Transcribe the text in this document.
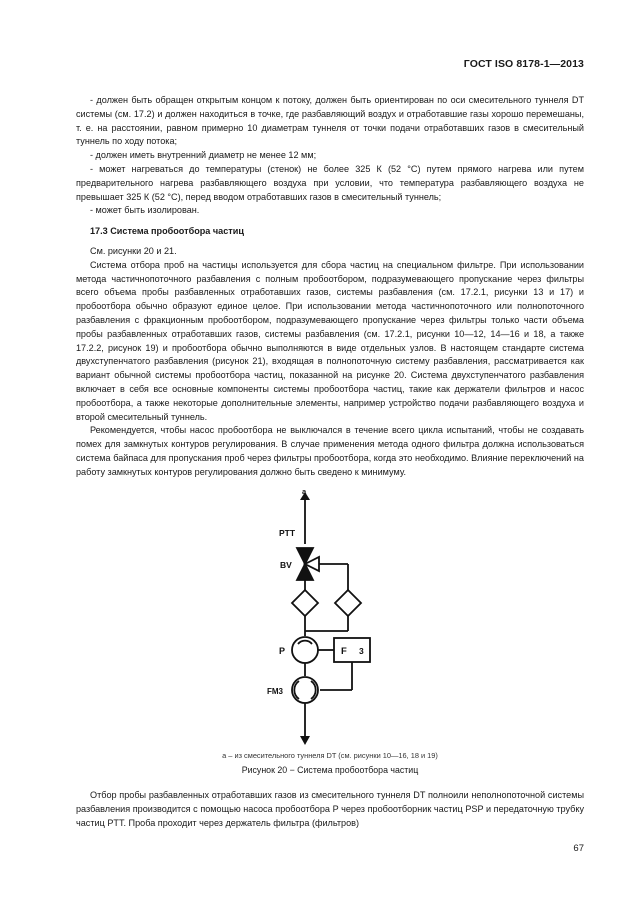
ГОСТ ISO 8178-1—2013

- должен быть обращен открытым концом к потоку, должен быть ориентирован по оси смесительного туннеля DT системы (см. 17.2) и должен находиться в точке, где разбавляющий воздух и отработавшие газы хорошо перемешаны, т. е. на расстоянии, равном примерно 10 диаметрам туннеля от точки подачи отработавших газов в смесительный туннель по ходу потока;

- должен иметь внутренний диаметр не менее 12 мм;

- может нагреваться до температуры (стенок) не более 325 К (52 °С) путем прямого нагрева или путем предварительного нагрева разбавляющего воздуха при условии, что температура разбавляющего воздуха не превышает 325 К (52 °С), перед вводом отработавших газов в смесительный туннель;

- может быть изолирован.

17.3 Система пробоотбора частиц

См. рисунки 20 и 21.

Система отбора проб на частицы используется для сбора частиц на специальном фильтре. При использовании метода частичнопоточного разбавления с полным пробоотбором, подразумевающего пропускание через фильтры всего объема пробы разбавленных отработавших газов, системы разбавления (см. 17.2.1, рисунки 13 и 17) и пробоотбора обычно образуют единое целое. При использовании метода частичнопоточного или полнопоточного разбавления с фракционным пробоотбором, подразумевающего пропускание через фильтры только части объема пробы разбавленных отработавших газов, системы разбавления (см. 17.2.1, рисунки 10—12, 14—16 и 18, а также 17.2.2, рисунок 19) и пробоотбора обычно выполняются в виде отдельных узлов. В настоящем стандарте система двухступенчатого разбавления (рисунок 21), входящая в полнопоточную систему разбавления, рассматривается как вариант обычной системы пробоотбора частиц, показанной на рисунке 20. Система двухступенчатого разбавления включает в себя все основные компоненты системы пробоотбора частиц, такие как держатели фильтров и насос пробоотбора, а также некоторые дополнительные элементы, например устройство подачи разбавляющего воздуха и второй смесительный туннель.

Рекомендуется, чтобы насос пробоотбора не выключался в течение всего цикла испытаний, чтобы не создавать помех для замкнутых контуров регулирования. В случае применения метода одного фильтра должна использоваться система байпаса для пропускания проб через фильтры пробоотбора, когда это необходимо. Влияние переключений на работу замкнутых контуров регулирования должно быть сведено к минимуму.

a
PTT
BV
P	F 3
FM3
a – из смесительного туннеля DT (см. рисунки 10—16, 18 и 19)
Рисунок 20 − Система пробоотбора частиц

Отбор пробы разбавленных отработавших газов из смесительного туннеля DT полноили неполнопоточной системы разбавления производится с помощью насоса пробоотбора P через пробоотборник частиц PSP и передаточную трубку частиц PTT. Проба проходит через держатель фильтра (фильтров)

67
